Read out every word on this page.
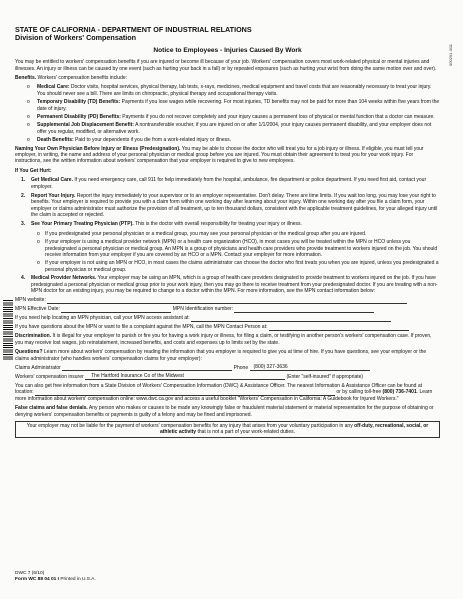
000291 4/11
STATE OF CALIFORNIA - DEPARTMENT OF INDUSTRIAL RELATIONS
Division of Workers' Compensation
Notice to Employees - Injuries Caused By Work

You may be entitled to workers' compensation benefits if you are injured or become ill because of your job. Workers' compensation covers most work-related physical or mental injuries and illnesses. An injury or illness can be caused by one event (such as hurting your back in a fall) or by repeated exposures (such as hurting your wrist from doing the same motion over and over).

Benefits. Workers' compensation benefits include:

o Medical Care: Doctor visits, hospital services, physical therapy, lab tests, x-rays, medicines, medical equipment and travel costs that are reasonably necessary to treat your injury. You should never see a bill. There are limits on chiropractic, physical therapy and occupational therapy visits.
o Temporary Disability (TD) Benefits: Payments if you lose wages while recovering. For most injuries, TD benefits may not be paid for more than 104 weeks within five years from the date of injury.
o Permanent Disability (PD) Benefits: Payments if you do not recover completely and your injury causes a permanent loss of physical or mental function that a doctor can measure.
o Supplemental Job Displacement Benefit: A nontransferable voucher, if you are injured on or after 1/1/2004, your injury causes permanent disability, and your employer does not offer you regular, modified, or alternative work.
o Death Benefits: Paid to your dependents if you die from a work-related injury or illness.

Naming Your Own Physician Before Injury or Illness (Predesignation). You may be able to choose the doctor who will treat you for a job injury or illness. If eligible, you must tell your employer, in writing, the name and address of your personal physician or medical group before you are injured. You must obtain their agreement to treat you for your work injury. For instructions, see the written information about workers' compensation that your employer is required to give to new employees.

If You Get Hurt:

1. Get Medical Care. If you need emergency care, call 911 for help immediately from the hospital, ambulance, fire department or police department. If you need first aid, contact your employer.
2. Report Your Injury. Report the injury immediately to your supervisor or to an employer representative. Don't delay. There are time limits. If you wait too long, you may lose your right to benefits. Your employer is required to provide you with a claim form within one working day after learning about your injury. Within one working day after you file a claim form, your employer or claims administrator must authorize the provision of all treatment, up to ten thousand dollars, consistent with the applicable treatment guidelines, for your alleged injury until the claim is accepted or rejected.
3. See Your Primary Treating Physician (PTP). This is the doctor with overall responsibility for treating your injury or illness.
o If you predesignated your personal physician or a medical group, you may see your personal physician or the medical group after you are injured.
o If your employer is using a medical provider network (MPN) or a health care organization (HCO), in most cases you will be treated within the MPN or HCO unless you predesignated a personal physician or medical group. An MPN is a group of physicians and health care providers who provide treatment to workers injured on the job. You should receive information from your employer if you are covered by an HCO or a MPN. Contact your employer for more information.
o If your employer is not using an MPN or HCO, in most cases the claims administrator can choose the doctor who first treats you when you are injured, unless you predesignated a personal physician or medical group.
4. Medical Provider Networks. Your employer may be using an MPN, which is a group of health care providers designated to provide treatment to workers injured on the job. If you have predesignated a personal physician or medical group prior to your work injury, then you may go there to receive treatment from your predesignated doctor. If you are treating with a non-MPN doctor for an existing injury, you may be required to change to a doctor within the MPN. For more information, see the MPN contact information below:
MPN website:
MPN Effective Date:	MPN Identification number:
If you need help locating an MPN physician, call your MPN access assistant at:
If you have questions about the MPN or want to file a complaint against the MPN, call the MPN Contact Person at:

Discrimination. It is illegal for your employer to punish or fire you for having a work injury or illness, for filing a claim, or testifying in another person's workers' compensation case. If proven, you may receive lost wages, job reinstatement, increased benefits, and costs and expenses up to limits set by the state.

Questions? Learn more about workers' compensation by reading the information that you employer is required to give you at time of hire. If you have questions, see your employer or the claims administrator (who handles workers' compensation claims for your employer):

Claims Administrator	Phone (800) 327-3636
Workers' compensation insurer The Hartford Insurance Co of the Midwest	(Enter "self-insured" if appropriate)

You can also get free information from a State Division of Workers' Compensation Information (DWC) & Assistance Officer. The nearest Information & Assistance Officer can be found at location:	or by calling toll-free (800) 736-7401. Learn more information about workers' compensation online: www.dwc.ca.gov and access a useful booklet "Workers' Compensation in California: A Guidebook for Injured Workers."

False claims and false denials. Any person who makes or causes to be made any knowingly false or fraudulent material statement or material representation for the purpose of obtaining or denying workers' compensation benefits or payments is guilty of a felony and may be fined and imprisoned.

Your employer may not be liable for the payment of workers' compensation benefits for any injury that arises from your voluntary participation in any off-duty, recreational, social, or athletic activity that is not a part of your work-related duties.
DWC 7 (6/10)
Form WC 88 04 01 I Printed in U.S.A.
